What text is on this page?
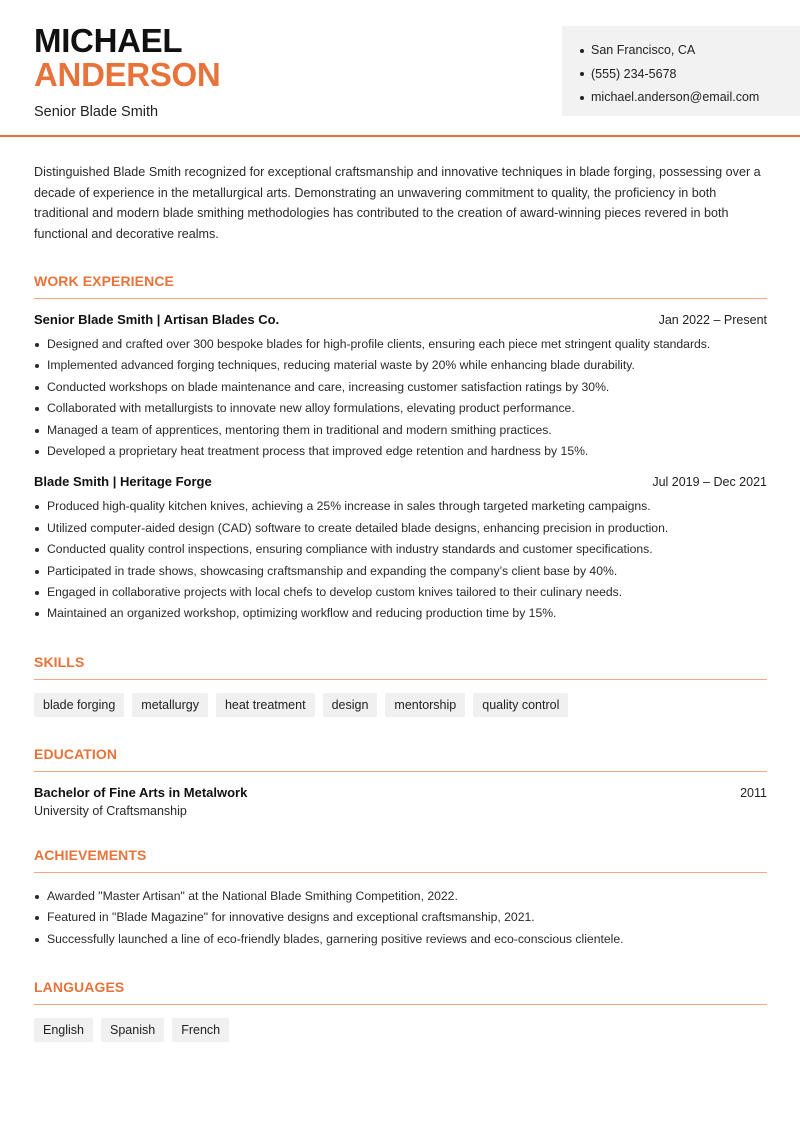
MICHAEL
ANDERSON
Senior Blade Smith
San Francisco, CA
(555) 234-5678
michael.anderson@email.com

Distinguished Blade Smith recognized for exceptional craftsmanship and innovative techniques in blade forging, possessing over a decade of experience in the metallurgical arts. Demonstrating an unwavering commitment to quality, the proficiency in both traditional and modern blade smithing methodologies has contributed to the creation of award-winning pieces revered in both functional and decorative realms.

WORK EXPERIENCE
Senior Blade Smith | Artisan Blades Co.	Jan 2022 – Present
Designed and crafted over 300 bespoke blades for high-profile clients, ensuring each piece met stringent quality standards.
Implemented advanced forging techniques, reducing material waste by 20% while enhancing blade durability.
Conducted workshops on blade maintenance and care, increasing customer satisfaction ratings by 30%.
Collaborated with metallurgists to innovate new alloy formulations, elevating product performance.
Managed a team of apprentices, mentoring them in traditional and modern smithing practices.
Developed a proprietary heat treatment process that improved edge retention and hardness by 15%.
Blade Smith | Heritage Forge	Jul 2019 – Dec 2021
Produced high-quality kitchen knives, achieving a 25% increase in sales through targeted marketing campaigns.
Utilized computer-aided design (CAD) software to create detailed blade designs, enhancing precision in production.
Conducted quality control inspections, ensuring compliance with industry standards and customer specifications.
Participated in trade shows, showcasing craftsmanship and expanding the company’s client base by 40%.
Engaged in collaborative projects with local chefs to develop custom knives tailored to their culinary needs.
Maintained an organized workshop, optimizing workflow and reducing production time by 15%.
SKILLS
blade forging	metallurgy	heat treatment	design	mentorship	quality control
EDUCATION
Bachelor of Fine Arts in Metalwork	2011
University of Craftsmanship
ACHIEVEMENTS
Awarded "Master Artisan" at the National Blade Smithing Competition, 2022.
Featured in "Blade Magazine" for innovative designs and exceptional craftsmanship, 2021.
Successfully launched a line of eco-friendly blades, garnering positive reviews and eco-conscious clientele.
LANGUAGES
English	Spanish	French
